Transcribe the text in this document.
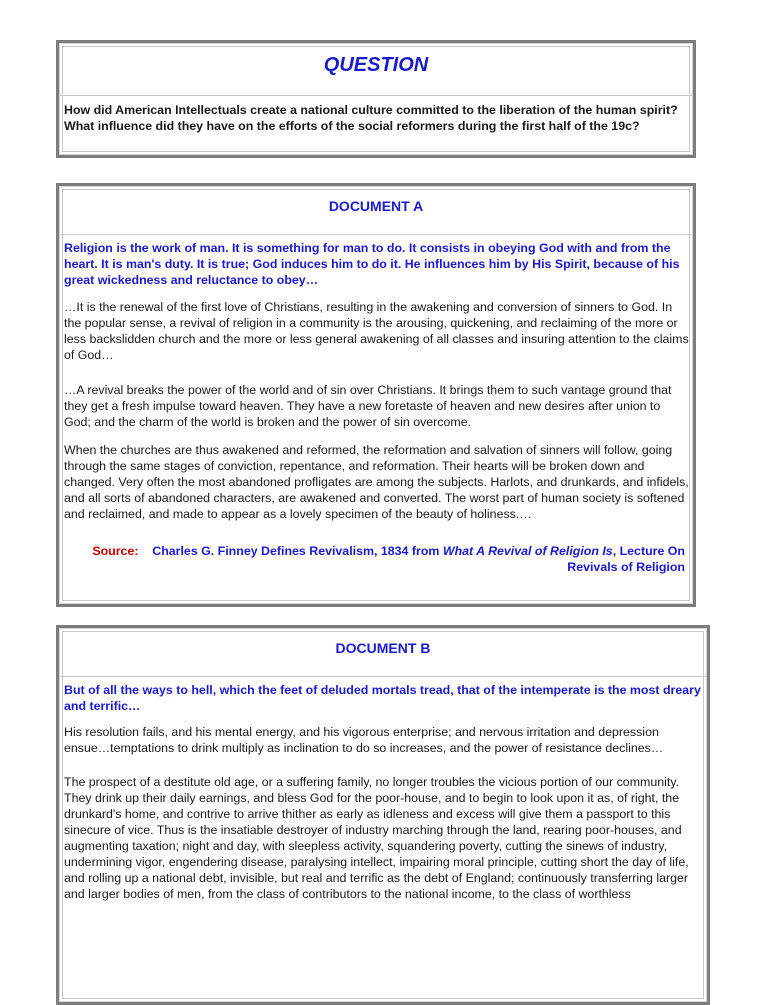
QUESTION
How did American Intellectuals create a national culture committed to the liberation of the human spirit?
What influence did they have on the efforts of the social reformers during the first half of the 19c?
DOCUMENT A

Religion is the work of man. It is something for man to do. It consists in obeying God with and from the heart. It is man's duty. It is true; God induces him to do it. He influences him by His Spirit, because of his great wickedness and reluctance to obey…

…It is the renewal of the first love of Christians, resulting in the awakening and conversion of sinners to God. In the popular sense, a revival of religion in a community is the arousing, quickening, and reclaiming of the more or less backslidden church and the more or less general awakening of all classes and insuring attention to the claims of God…

…A revival breaks the power of the world and of sin over Christians. It brings them to such vantage ground that they get a fresh impulse toward heaven. They have a new foretaste of heaven and new desires after union to God; and the charm of the world is broken and the power of sin overcome.

When the churches are thus awakened and reformed, the reformation and salvation of sinners will follow, going through the same stages of conviction, repentance, and reformation. Their hearts will be broken down and changed. Very often the most abandoned profligates are among the subjects. Harlots, and drunkards, and infidels, and all sorts of abandoned characters, are awakened and converted. The worst part of human society is softened and reclaimed, and made to appear as a lovely specimen of the beauty of holiness.…

Source: Charles G. Finney Defines Revivalism, 1834 from What A Revival of Religion Is, Lecture On Revivals of Religion
DOCUMENT B

But of all the ways to hell, which the feet of deluded mortals tread, that of the intemperate is the most dreary and terrific…

His resolution fails, and his mental energy, and his vigorous enterprise; and nervous irritation and depression ensue…temptations to drink multiply as inclination to do so increases, and the power of resistance declines…

The prospect of a destitute old age, or a suffering family, no longer troubles the vicious portion of our community. They drink up their daily earnings, and bless God for the poor-house, and to begin to look upon it as, of right, the drunkard's home, and contrive to arrive thither as early as idleness and excess will give them a passport to this sinecure of vice. Thus is the insatiable destroyer of industry marching through the land, rearing poor-houses, and augmenting taxation; night and day, with sleepless activity, squandering poverty, cutting the sinews of industry, undermining vigor, engendering disease, paralysing intellect, impairing moral principle, cutting short the day of life, and rolling up a national debt, invisible, but real and terrific as the debt of England; continuously transferring larger and larger bodies of men, from the class of contributors to the national income, to the class of worthless
